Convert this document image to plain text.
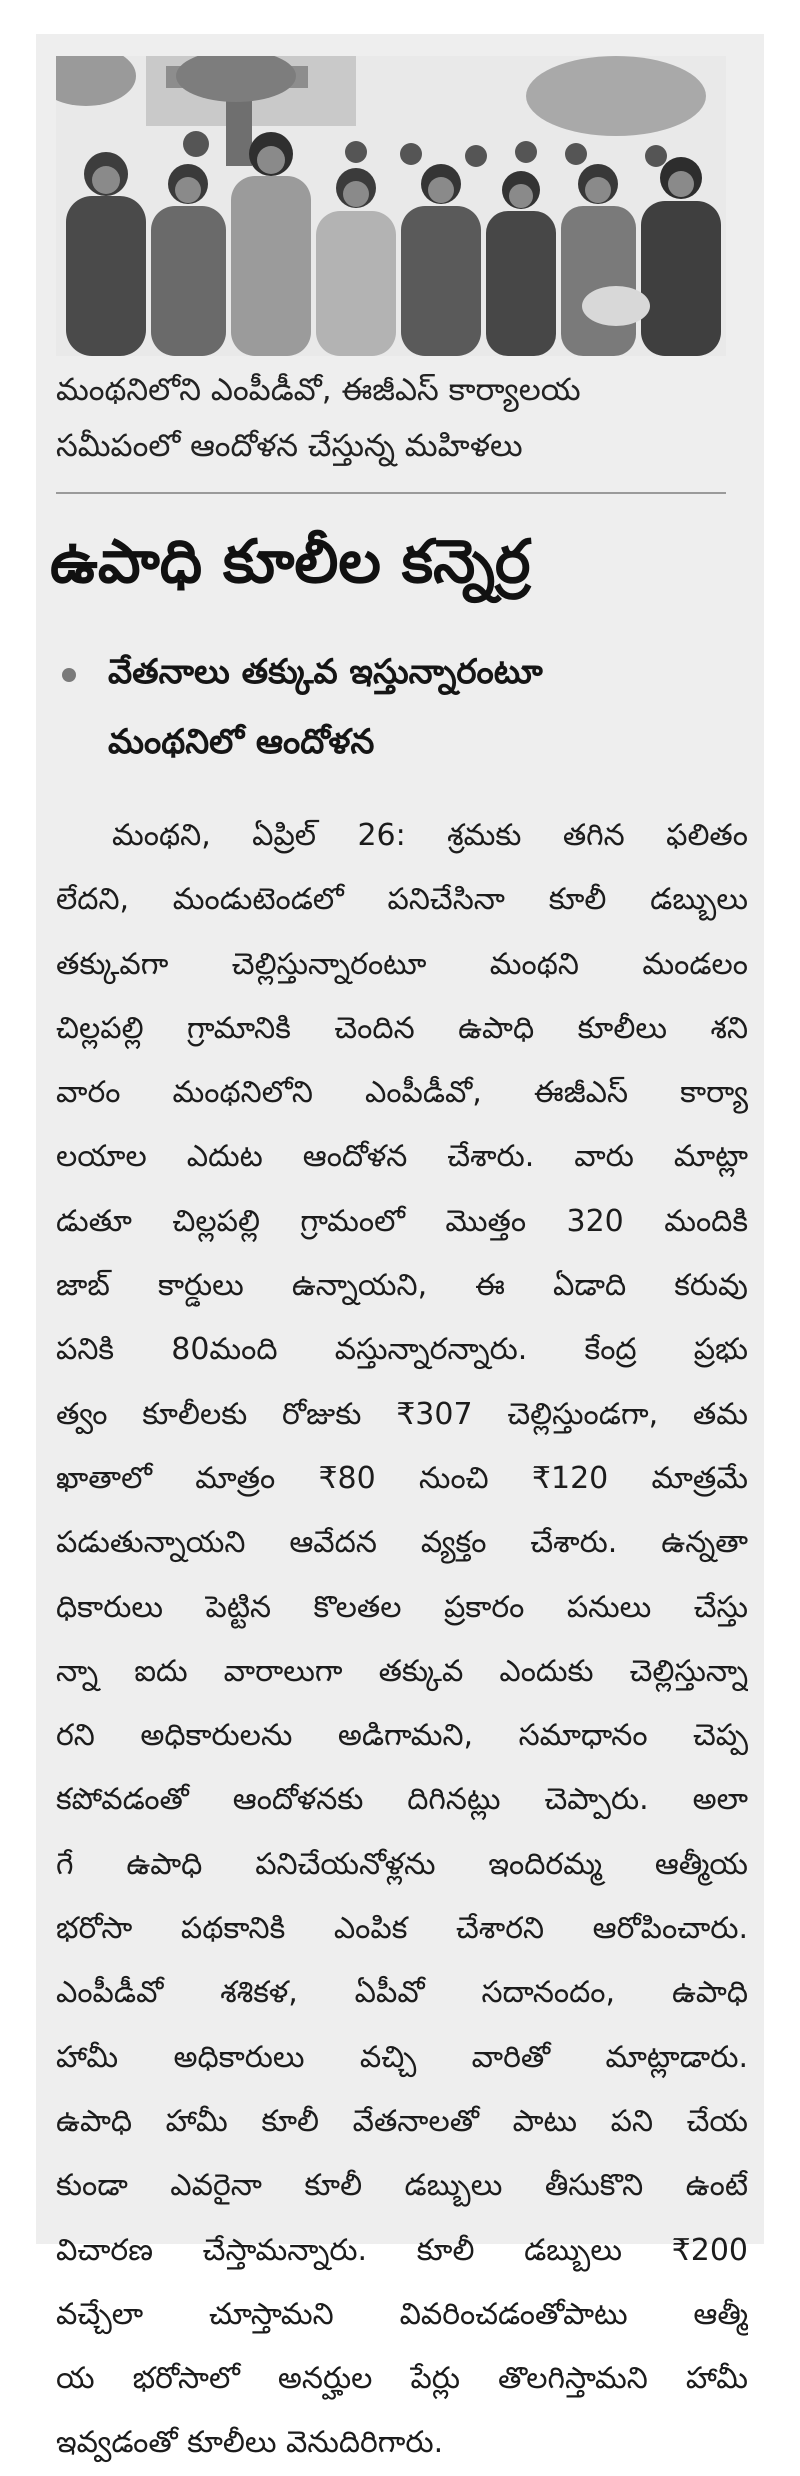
మంథనిలోని ఎంపీడీవో, ఈజీఎస్ కార్యాలయ
సమీపంలో ఆందోళన చేస్తున్న మహిళలు
ఉపాధి కూలీల కన్నెర్ర
వేతనాలు తక్కువ ఇస్తున్నారంటూ
మంథనిలో ఆందోళన
మంథని, ఏప్రిల్ 26: శ్రమకు తగిన ఫలితం
లేదని, మండుటెండలో పనిచేసినా కూలీ డబ్బులు
తక్కువగా చెల్లిస్తున్నారంటూ మంథని మండలం
చిల్లపల్లి గ్రామానికి చెందిన ఉపాధి కూలీలు శని
వారం మంథనిలోని ఎంపీడీవో, ఈజీఎస్ కార్యా
లయాల ఎదుట ఆందోళన చేశారు. వారు మాట్లా
డుతూ చిల్లపల్లి గ్రామంలో మొత్తం 320 మందికి
జాబ్ కార్డులు ఉన్నాయని, ఈ ఏడాది కరువు
పనికి 80మంది వస్తున్నారన్నారు. కేంద్ర ప్రభు
త్వం కూలీలకు రోజుకు ₹307 చెల్లిస్తుండగా, తమ
ఖాతాలో మాత్రం ₹80 నుంచి ₹120 మాత్రమే
పడుతున్నాయని ఆవేదన వ్యక్తం చేశారు. ఉన్నతా
ధికారులు పెట్టిన కొలతల ప్రకారం పనులు చేస్తు
న్నా ఐదు వారాలుగా తక్కువ ఎందుకు చెల్లిస్తున్నా
రని అధికారులను అడిగామని, సమాధానం చెప్ప
కపోవడంతో ఆందోళనకు దిగినట్లు చెప్పారు. అలా
గే ఉపాధి పనిచేయనోళ్లను ఇందిరమ్మ ఆత్మీయ
భరోసా పథకానికి ఎంపిక చేశారని ఆరోపించారు.
ఎంపీడీవో శశికళ, ఏపీవో సదానందం, ఉపాధి
హామీ అధికారులు వచ్చి వారితో మాట్లాడారు.
ఉపాధి హామీ కూలీ వేతనాలతో పాటు పని చేయ
కుండా ఎవరైనా కూలీ డబ్బులు తీసుకొని ఉంటే
విచారణ చేస్తామన్నారు. కూలీ డబ్బులు ₹200
వచ్చేలా చూస్తామని వివరించడంతోపాటు ఆత్మీ
య భరోసాలో అనర్హుల పేర్లు తొలగిస్తామని హామీ
ఇవ్వడంతో కూలీలు వెనుదిరిగారు.
